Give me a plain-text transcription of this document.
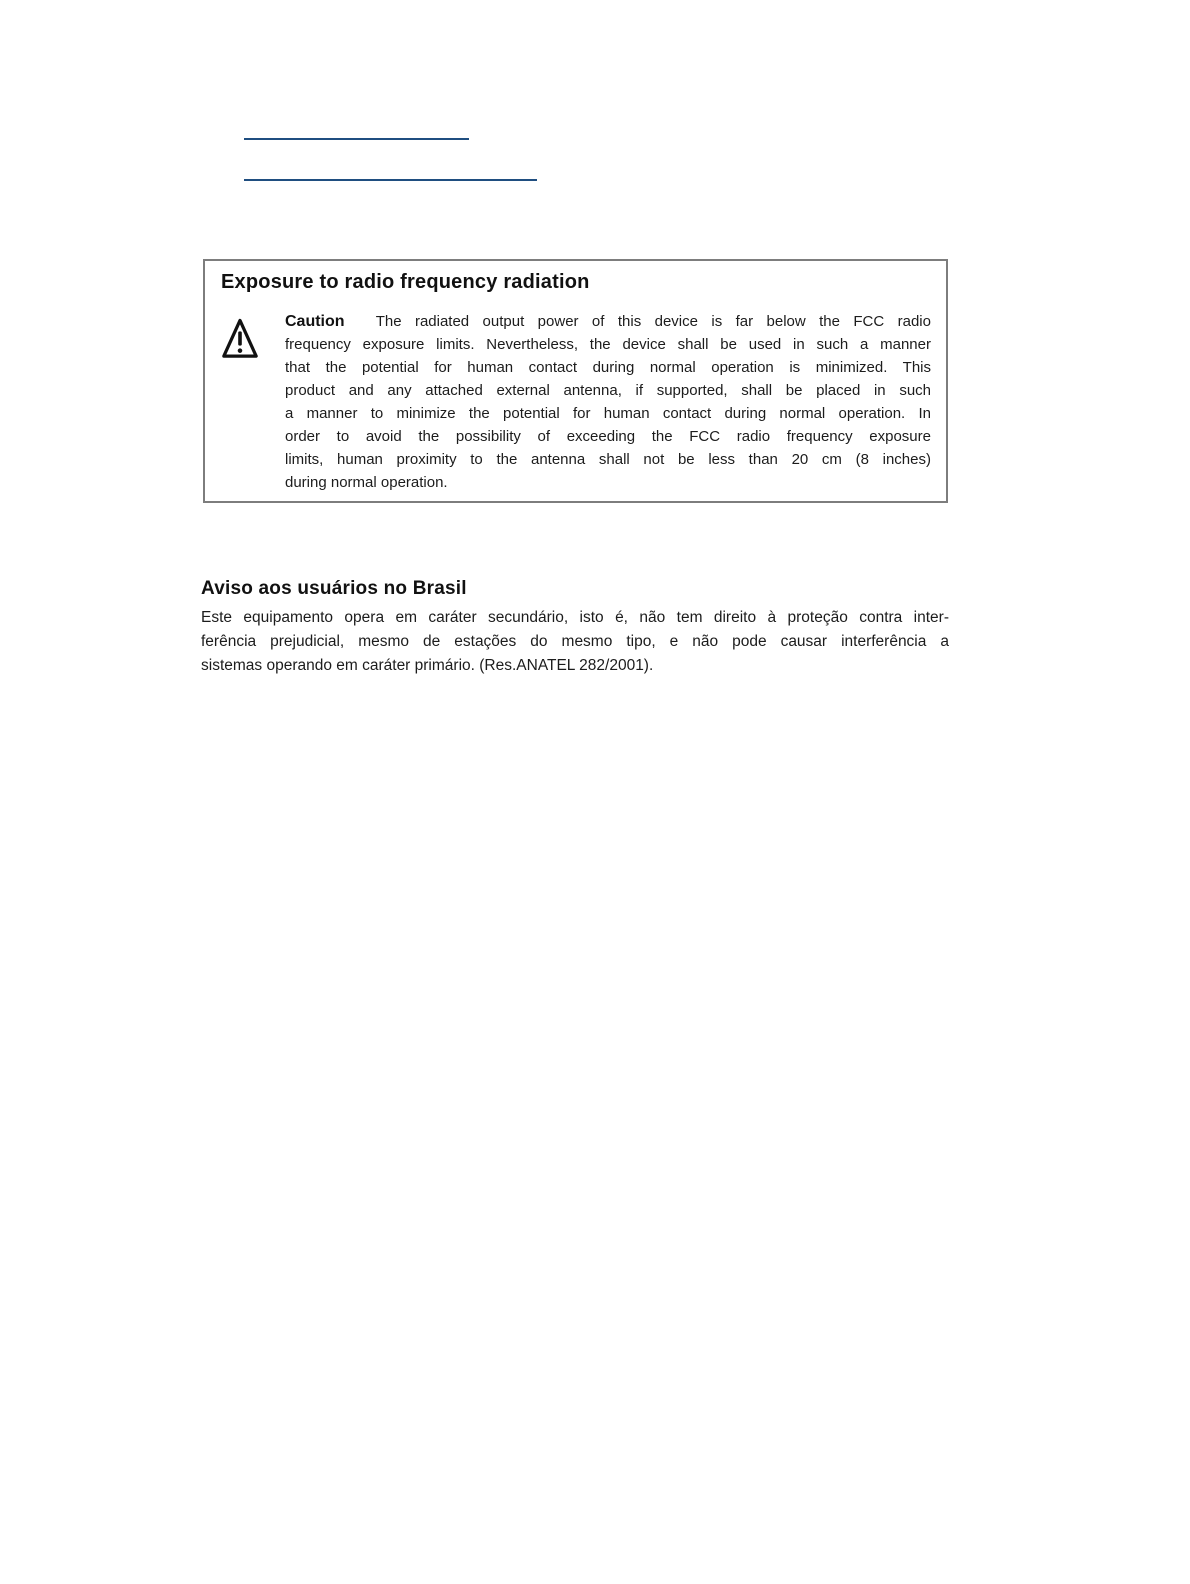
Exposure to radio frequency radiation
Caution The radiated output power of this device is far below the FCC radio
frequency exposure limits. Nevertheless, the device shall be used in such a manner
that the potential for human contact during normal operation is minimized. This
product and any attached external antenna, if supported, shall be placed in such
a manner to minimize the potential for human contact during normal operation. In
order to avoid the possibility of exceeding the FCC radio frequency exposure
limits, human proximity to the antenna shall not be less than 20 cm (8 inches)
during normal operation.
Aviso aos usuários no Brasil
Este equipamento opera em caráter secundário, isto é, não tem direito à proteção contra inter-
ferência prejudicial, mesmo de estações do mesmo tipo, e não pode causar interferência a
sistemas operando em caráter primário. (Res.ANATEL 282/2001).
